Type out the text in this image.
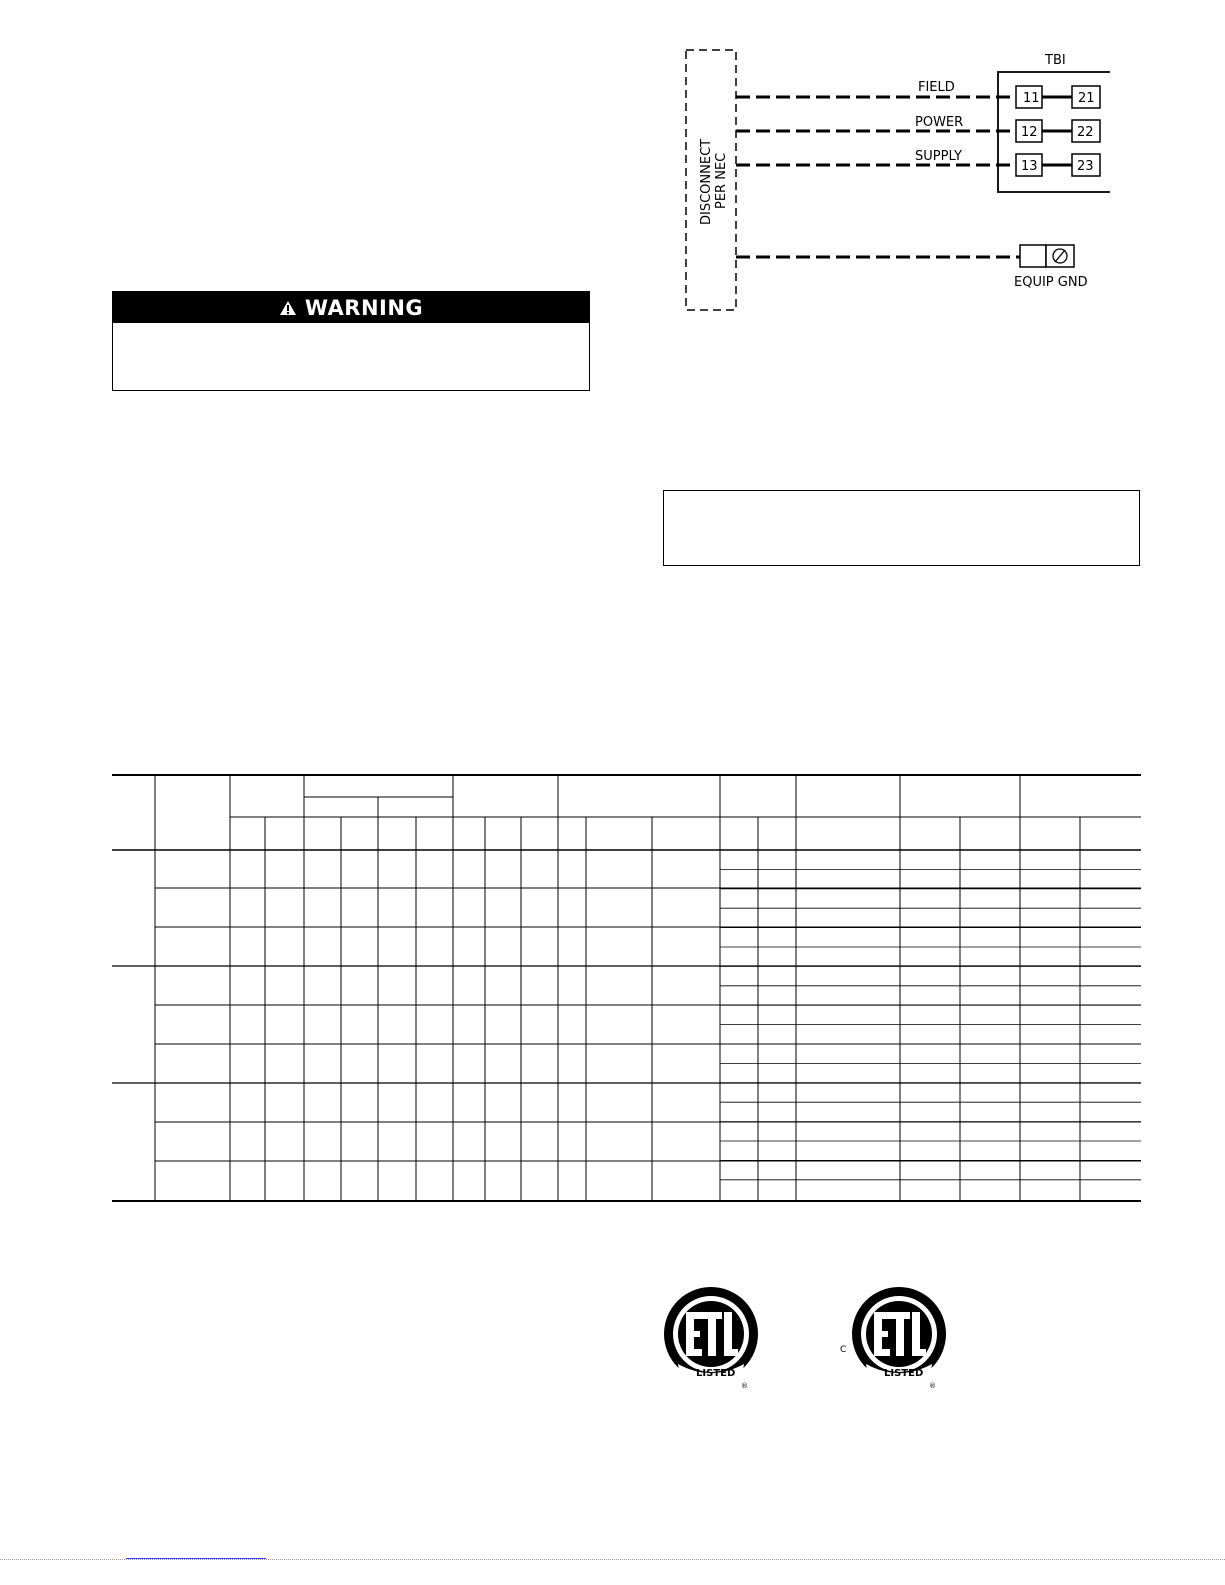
WARNING
DISCONNECT PER NEC
TBI
FIELD
POWER
SUPPLY
11
12
13
21
22
23
EQUIP GND
LISTED
®
C
LISTED
®
